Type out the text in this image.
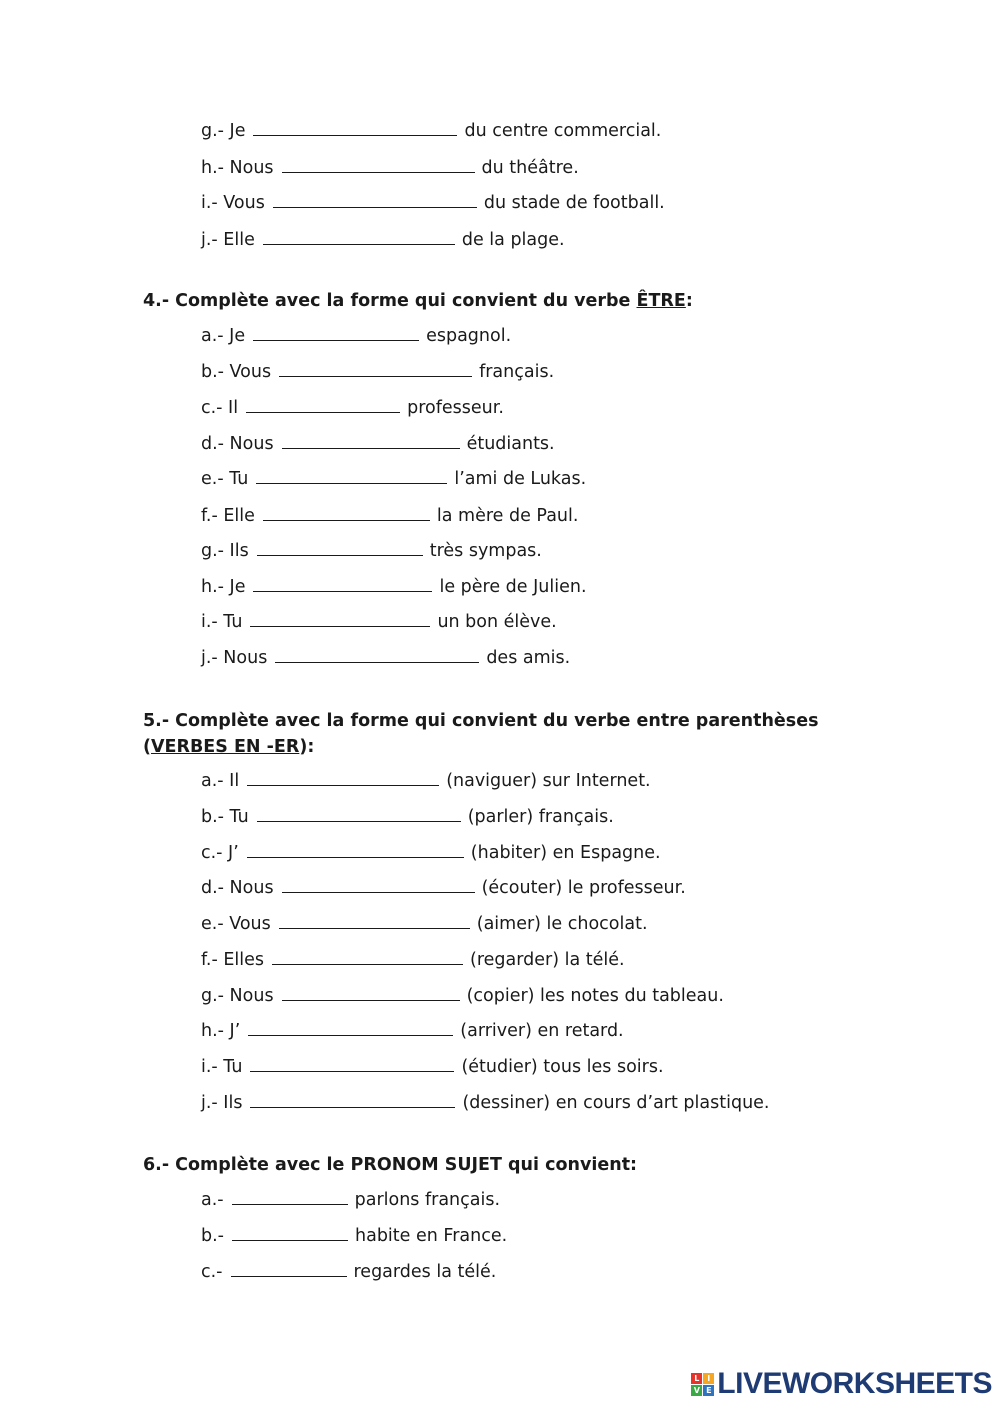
g.- Je	du centre commercial.
h.- Nous	du théâtre.
i.- Vous	du stade de football.
j.- Elle	de la plage.
4.- Complète avec la forme qui convient du verbe ÊTRE:
a.- Je	espagnol.
b.- Vous	français.
c.- Il	professeur.
d.- Nous	étudiants.
e.- Tu	l’ami de Lukas.
f.- Elle	la mère de Paul.
g.- Ils	très sympas.
h.- Je	le père de Julien.
i.- Tu	un bon élève.
j.- Nous	des amis.
5.- Complète avec la forme qui convient du verbe entre parenthèses
(VERBES EN -ER):
a.- Il	(naviguer) sur Internet.
b.- Tu	(parler) français.
c.- J’	(habiter) en Espagne.
d.- Nous	(écouter) le professeur.
e.- Vous	(aimer) le chocolat.
f.- Elles	(regarder) la télé.
g.- Nous	(copier) les notes du tableau.
h.- J’	(arriver) en retard.
i.- Tu	(étudier) tous les soirs.
j.- Ils	(dessiner) en cours d’art plastique.
6.- Complète avec le PRONOM SUJET qui convient:
a.-	parlons français.
b.-	habite en France.
c.-	regardes la télé.
L I
V E LIVEWORKSHEETS
